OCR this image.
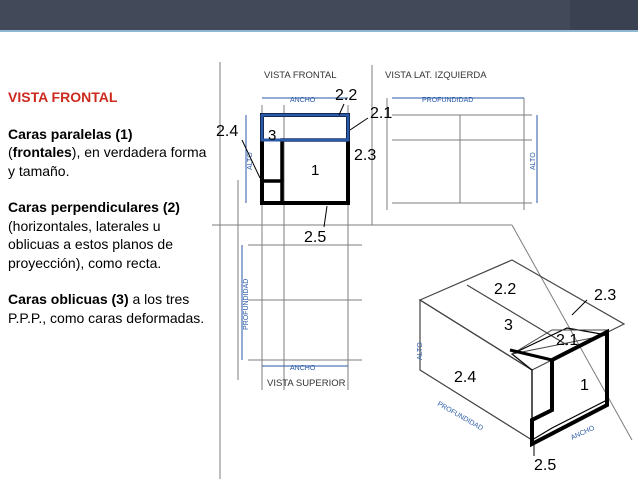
VISTA FRONTAL

Caras paralelas (1)
(frontales), en verdadera forma y tamaño.

Caras perpendiculares (2)
(horizontales, laterales u oblicuas a estos planos de proyección), como recta.

Caras oblicuas (3) a los tres P.P.P., como caras deformadas.

VISTA FRONTAL	VISTA LAT. IZQUIERDA
VISTA SUPERIOR
ANCHO	PROFUNDIDAD
ANCHO
ALTO	ALTO
PROFUNDIDAD
2.2
2.1
2.4 3
1
2.3
2.5
ALTO
PROFUNDIDAD
ANCHO
2.2	2.3
3
2.1
2.4	1
2.5
